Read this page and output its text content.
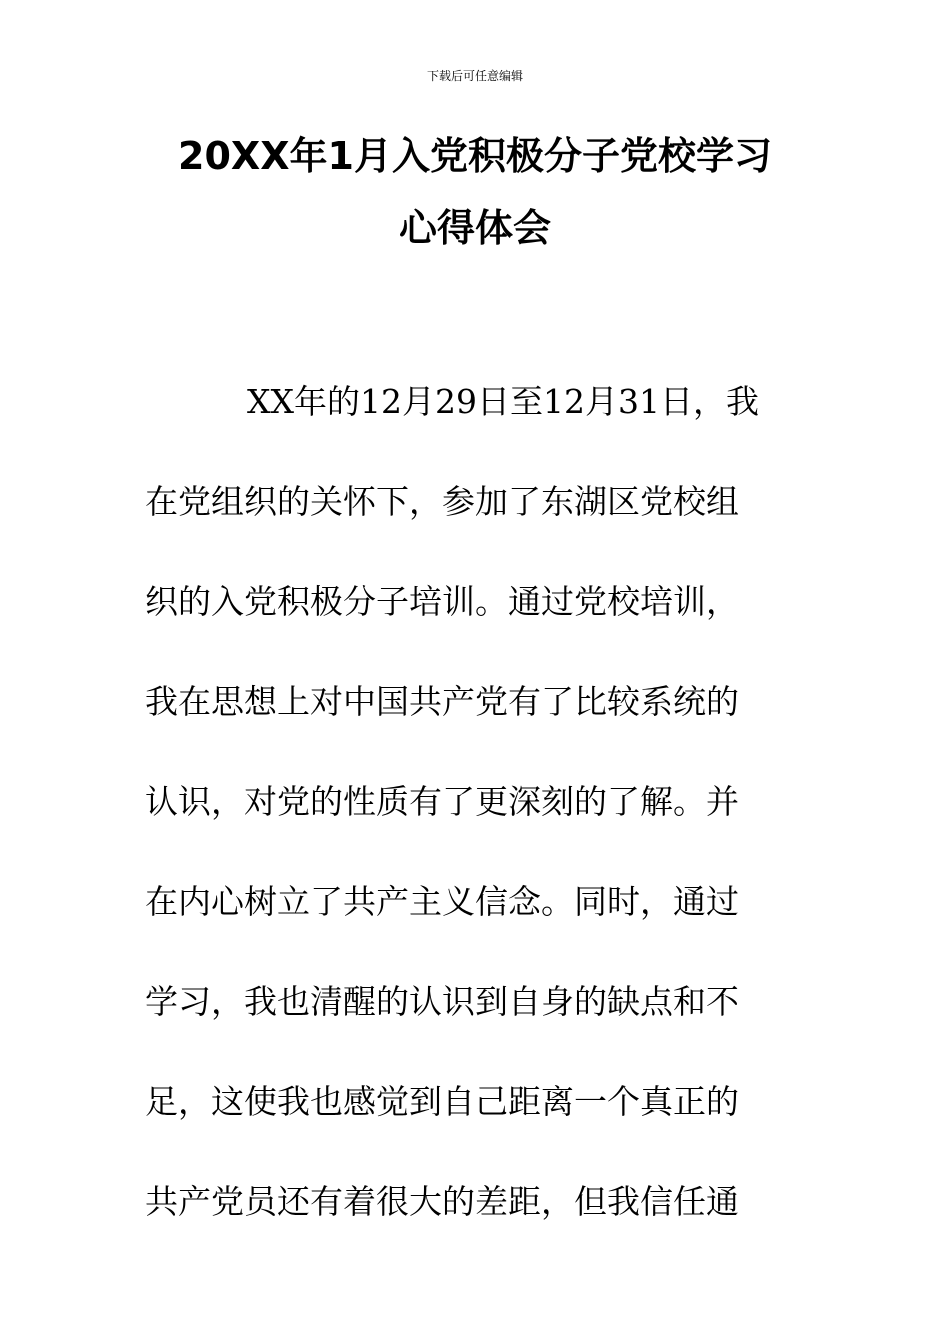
下载后可任意编辑
20XX年1月入党积极分子党校学习
心得体会
XX年的12月29日至12月31日，我
在党组织的关怀下，参加了东湖区党校组
织的入党积极分子培训。通过党校培训，
我在思想上对中国共产党有了比较系统的
认识，对党的性质有了更深刻的了解。并
在内心树立了共产主义信念。同时，通过
学习，我也清醒的认识到自身的缺点和不
足，这使我也感觉到自己距离一个真正的
共产党员还有着很大的差距，但我信任通
